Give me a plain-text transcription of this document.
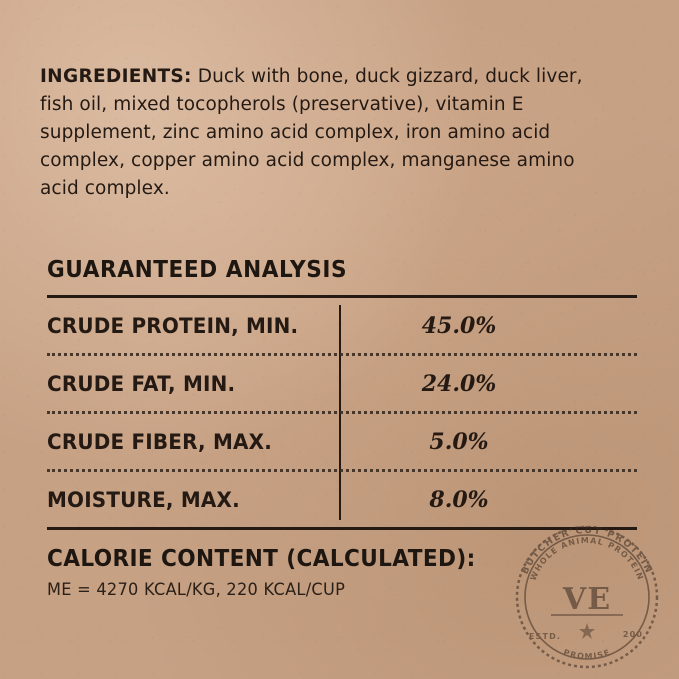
INGREDIENTS: Duck with bone, duck gizzard, duck liver, fish oil, mixed tocopherols (preservative), vitamin E supplement, zinc amino acid complex, iron amino acid complex, copper amino acid complex, manganese amino acid complex.

GUARANTEED ANALYSIS
CRUDE PROTEIN, MIN.	45.0%
CRUDE FAT, MIN.	24.0%
CRUDE FIBER, MAX.	5.0%
MOISTURE, MAX.	8.0%
CALORIE CONTENT (CALCULATED):
ME = 4270 KCAL/KG, 220 KCAL/CUP
BUTCHER CUT PROTEIN
WHOLE ANIMAL PROTEIN
VE
ESTD.	200
PROMISE
